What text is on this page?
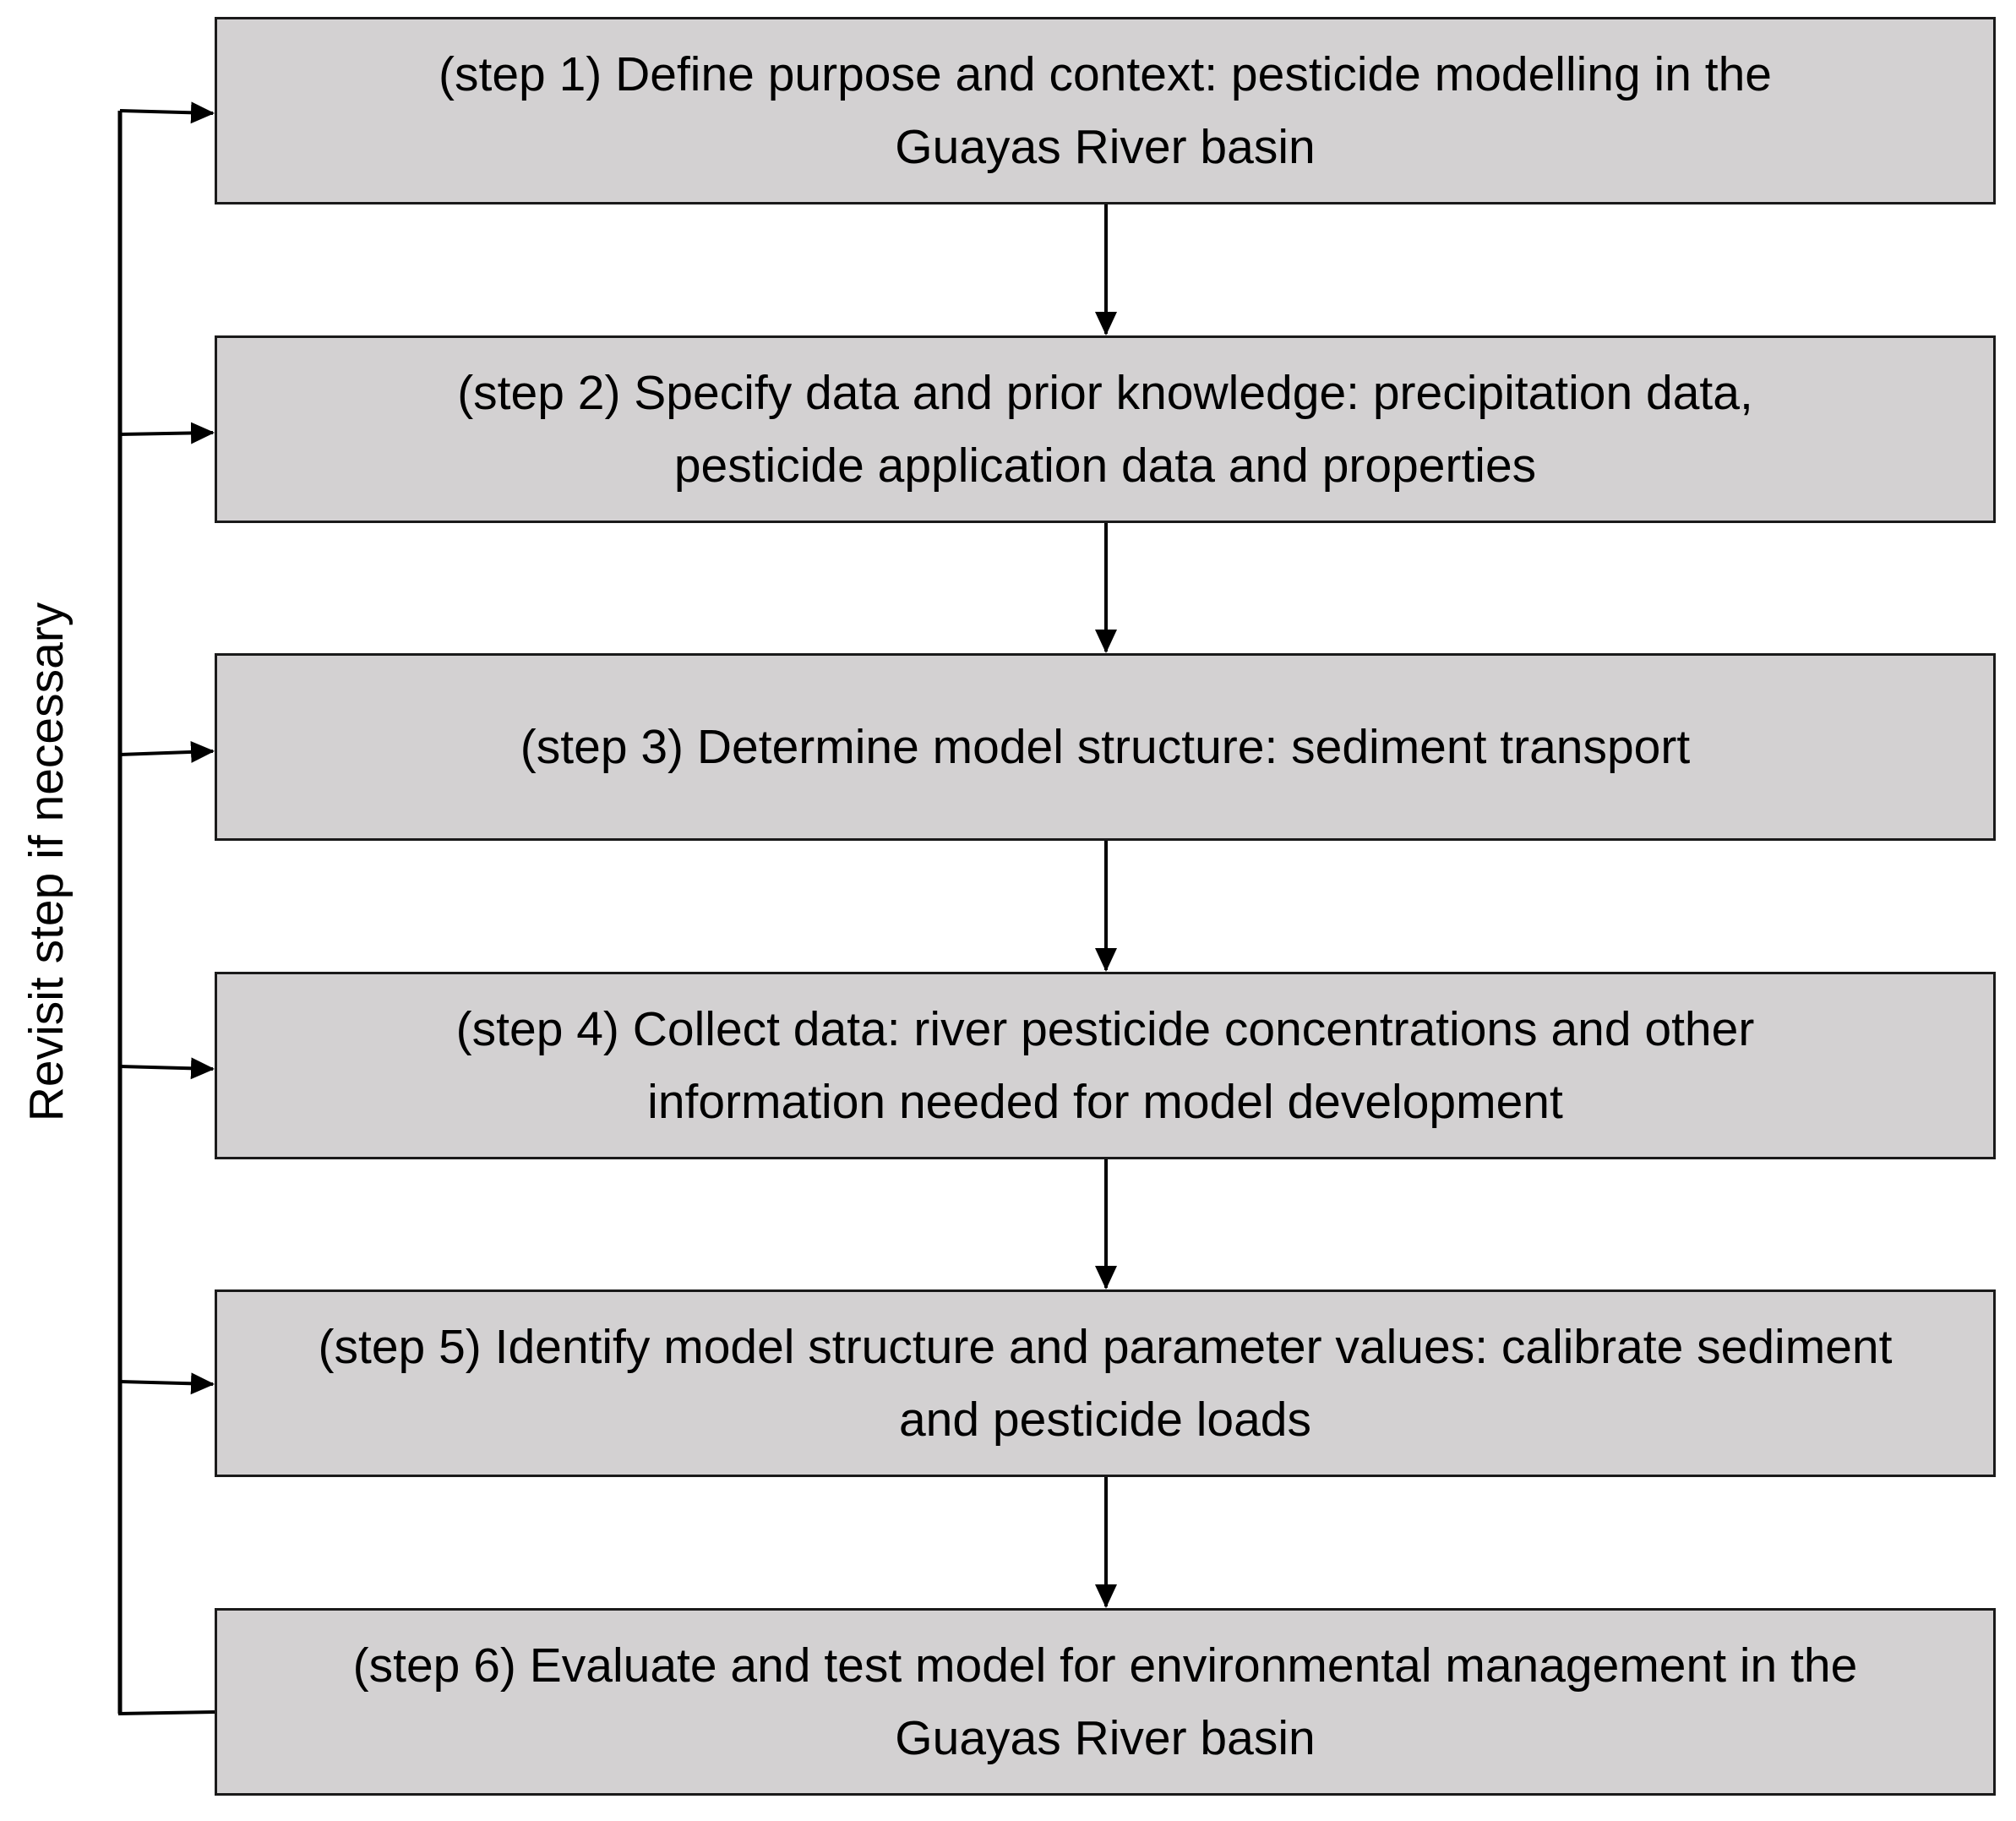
(step 1) Define purpose and context: pesticide modelling in the Guayas River basin
(step 2) Specify data and prior knowledge: precipitation data, pesticide application data and properties
(step 3) Determine model structure: sediment transport
(step 4) Collect data: river pesticide concentrations and other information needed for model development
(step 5) Identify model structure and parameter values: calibrate sediment and pesticide loads
(step 6) Evaluate and test model for environmental management in the Guayas River basin
Revisit step if necessary
